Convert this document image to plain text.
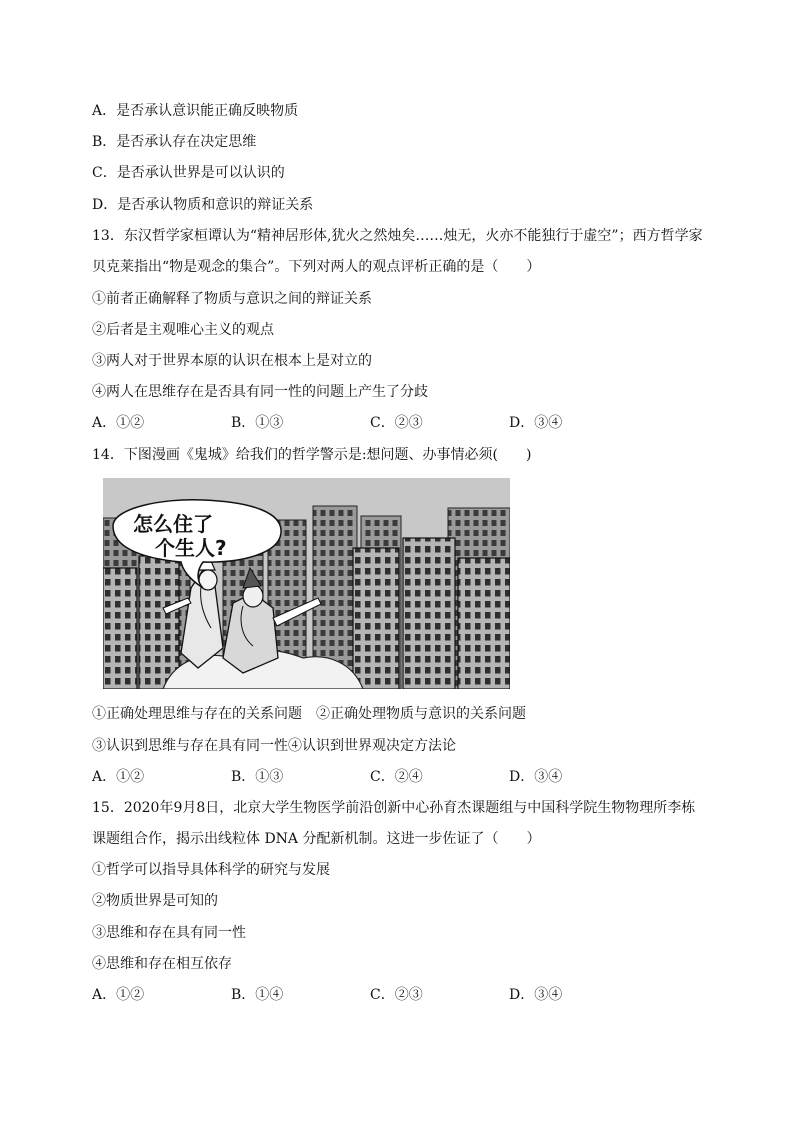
A．是否承认意识能正确反映物质
B．是否承认存在决定思维
C．是否承认世界是可以认识的
D．是否承认物质和意识的辩证关系
13．东汉哲学家桓谭认为“精神居形体,犹火之然烛矣……烛无，火亦不能独行于虚空”；西方哲学家
贝克莱指出“物是观念的集合”。下列对两人的观点评析正确的是（　　）
①前者正确解释了物质与意识之间的辩证关系
②后者是主观唯心主义的观点
③两人对于世界本原的认识在根本上是对立的
④两人在思维存在是否具有同一性的问题上产生了分歧
A．①②	B．①③	C．②③	D．③④
14．下图漫画《鬼城》给我们的哲学警示是:想问题、办事情必须(　　)
怎么住了
个生人?
①正确处理思维与存在的关系问题　②正确处理物质与意识的关系问题
③认识到思维与存在具有同一性④认识到世界观决定方法论
A．①②	B．①③	C．②④	D．③④
15．2020年9月8日，北京大学生物医学前沿创新中心孙育杰课题组与中国科学院生物物理所李栋
课题组合作，揭示出线粒体 DNA 分配新机制。这进一步佐证了（　　）
①哲学可以指导具体科学的研究与发展
②物质世界是可知的
③思维和存在具有同一性
④思维和存在相互依存
A．①②	B．①④	C．②③	D．③④
